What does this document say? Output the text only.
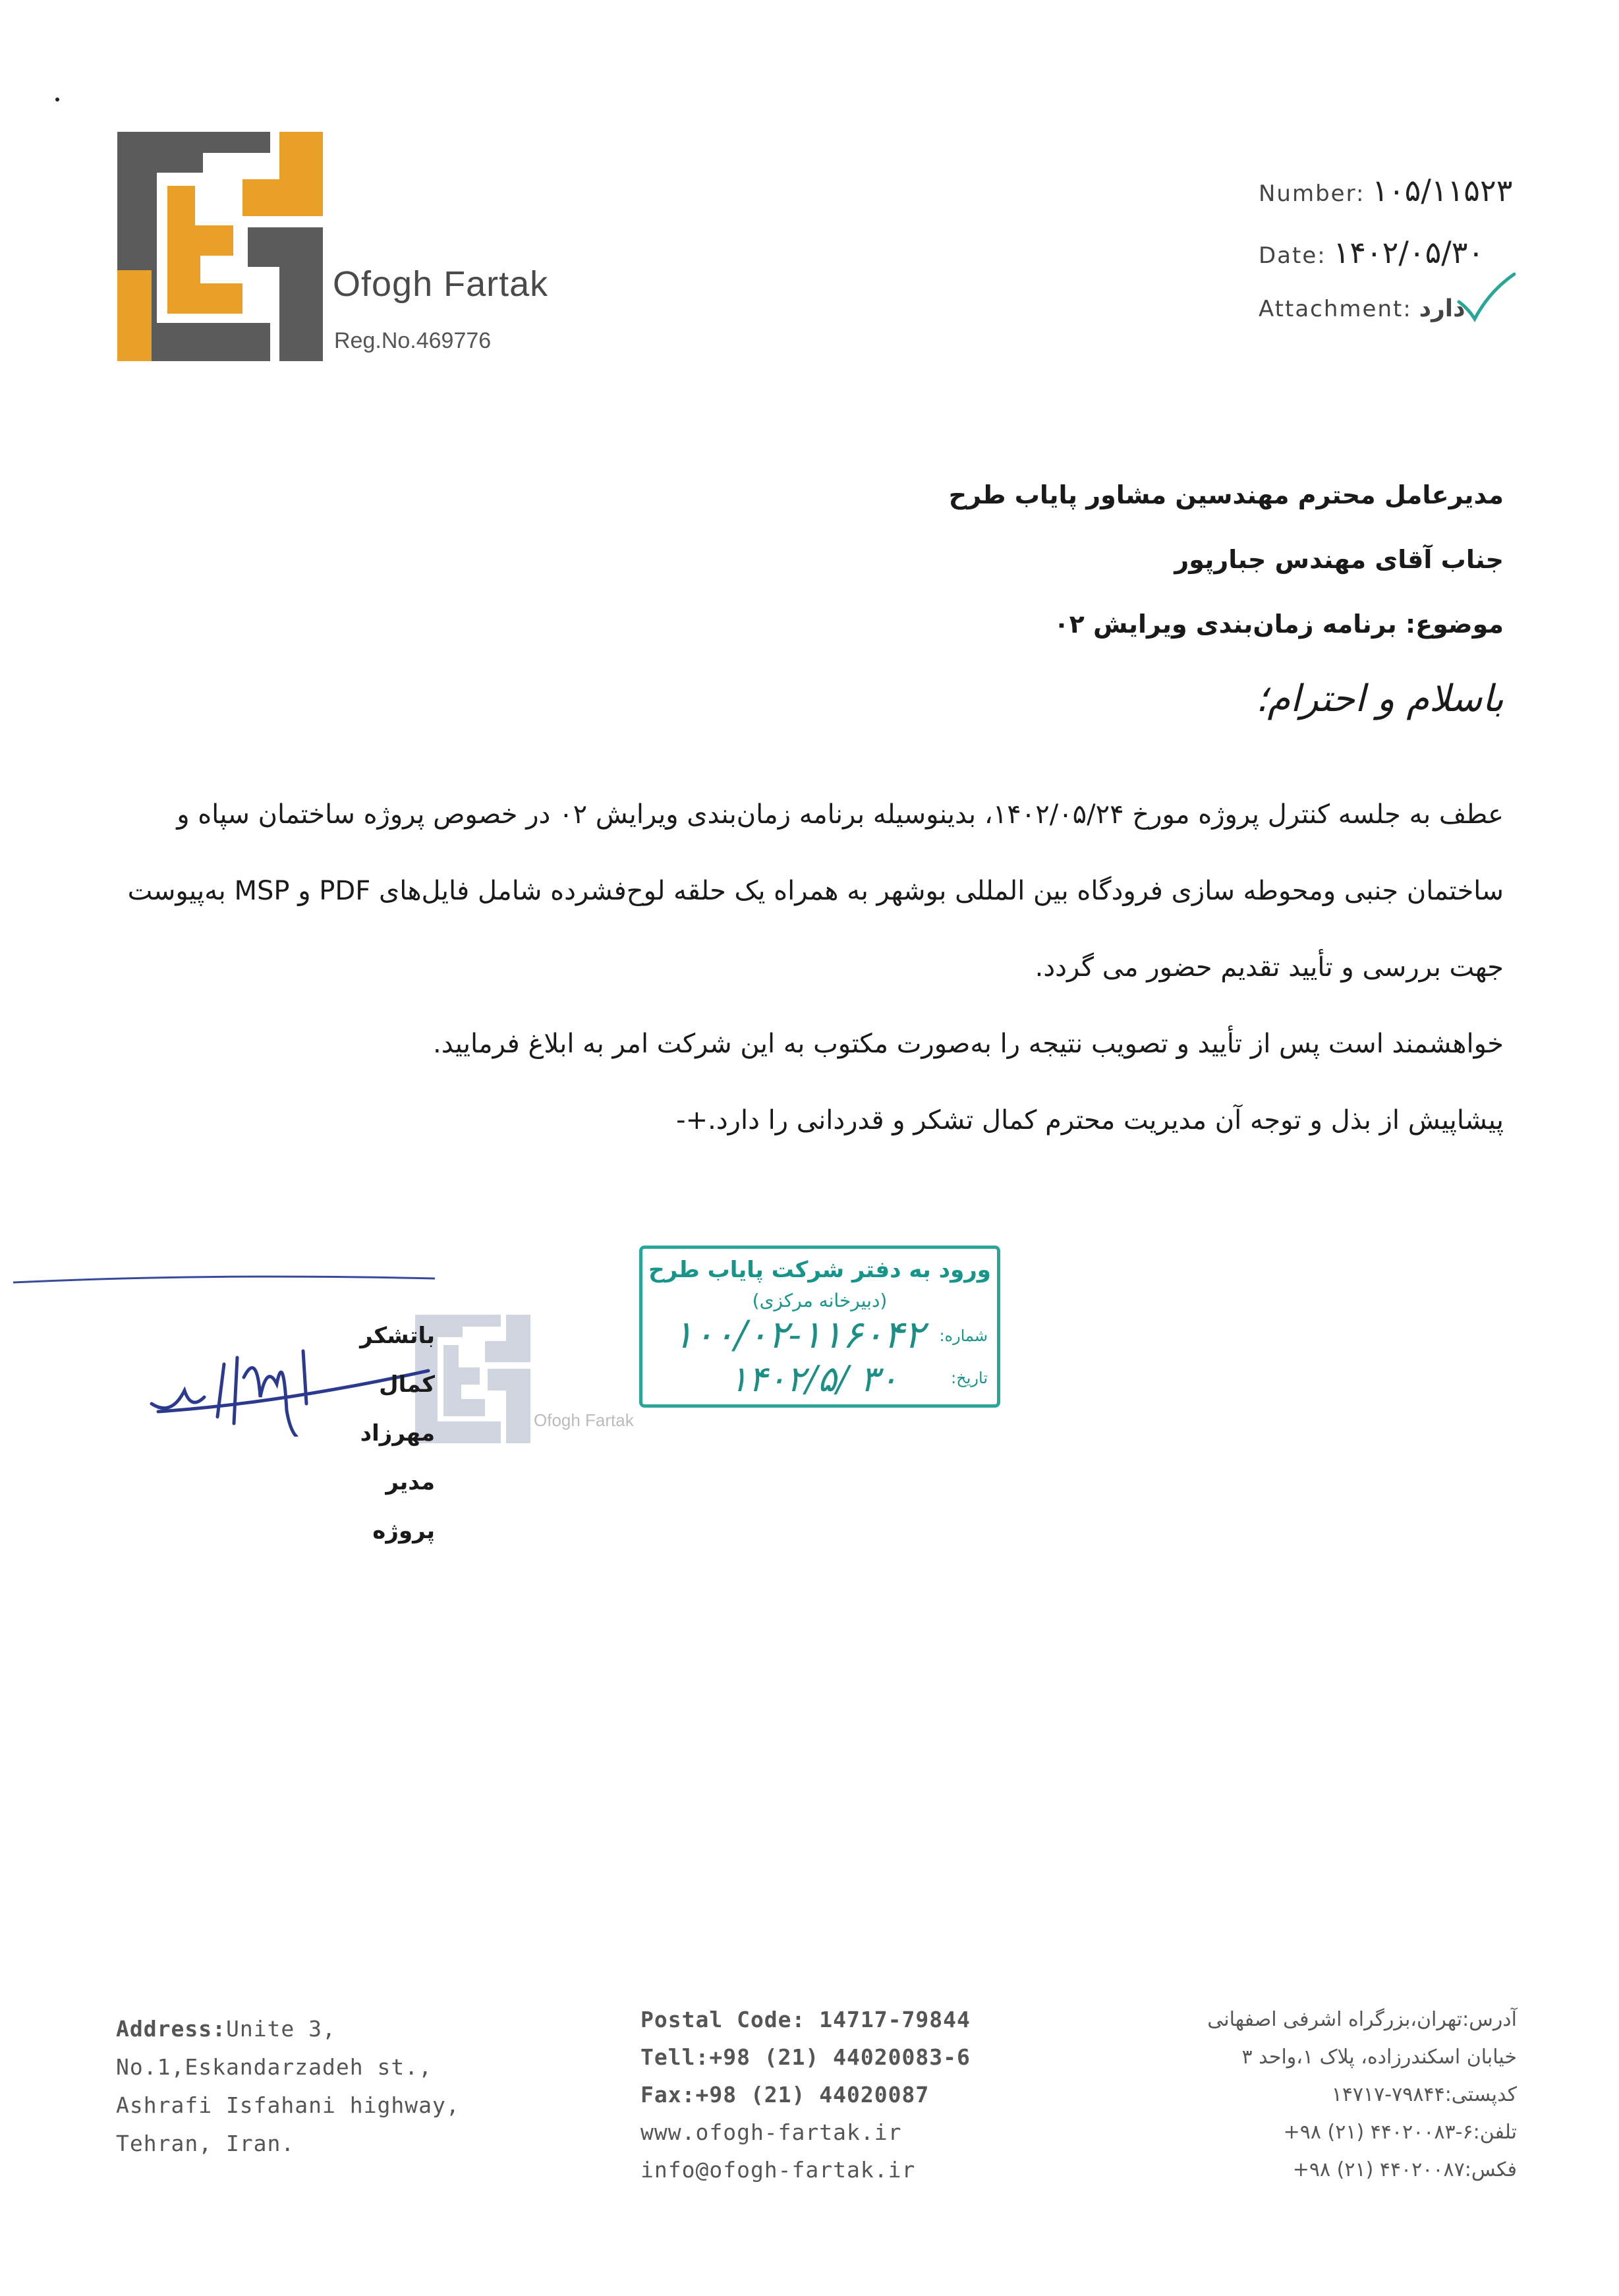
Ofogh Fartak
Reg.No.469776
Number: ۱۰۵/۱۱۵۲۳
Date: ۱۴۰۲/۰۵/۳۰
Attachment: دارد
مدیرعامل محترم مهندسین مشاور پایاب طرح
جناب آقای مهندس جبارپور
موضوع: برنامه زمان‌بندی ویرایش ۰۲
باسلام و احترام؛

عطف به جلسه کنترل پروژه مورخ ۱۴۰۲/۰۵/۲۴، بدینوسیله برنامه زمان‌بندی ویرایش ۰۲ در خصوص پروژه ساختمان سپاه و ساختمان جنبی ومحوطه سازی فرودگاه بین المللی بوشهر به همراه یک حلقه لوح‌فشرده شامل فایل‌های PDF و MSP به‌پیوست جهت بررسی و تأیید تقدیم حضور می گردد.

خواهشمند است پس از تأیید و تصویب نتیجه را به‌صورت مکتوب به این شرکت امر به ابلاغ فرمایید.

پیشاپیش از بذل و توجه آن مدیریت محترم کمال تشکر و قدردانی را دارد.+-

Ofogh Fartak
باتشکر
کمال مهرزاد
مدیر پروژه
ورود به دفتر شرکت پایاب طرح
(دبیرخانه مرکزی)
شماره:
۱۰۰/۰۲-۱۱۶۰۴۲
تاریخ:
۱۴۰۲/۵/ ۳۰
Address:Unite 3,
No.1,Eskandarzadeh st.,
Ashrafi Isfahani highway,
Tehran, Iran.
Postal Code: 14717-79844
Tell:+98 (21) 44020083-6
Fax:+98 (21) 44020087
www.ofogh-fartak.ir
info@ofogh-fartak.ir
آدرس:تهران،بزرگراه اشرفی اصفهانی
خیابان اسکندرزاده، پلاک ۱،واحد ۳
کدپستی:۷۹۸۴۴-۱۴۷۱۷
تلفن:۶-۴۴۰۲۰۰۸۳ (۲۱) ۹۸+
فکس:۴۴۰۲۰۰۸۷ (۲۱) ۹۸+
